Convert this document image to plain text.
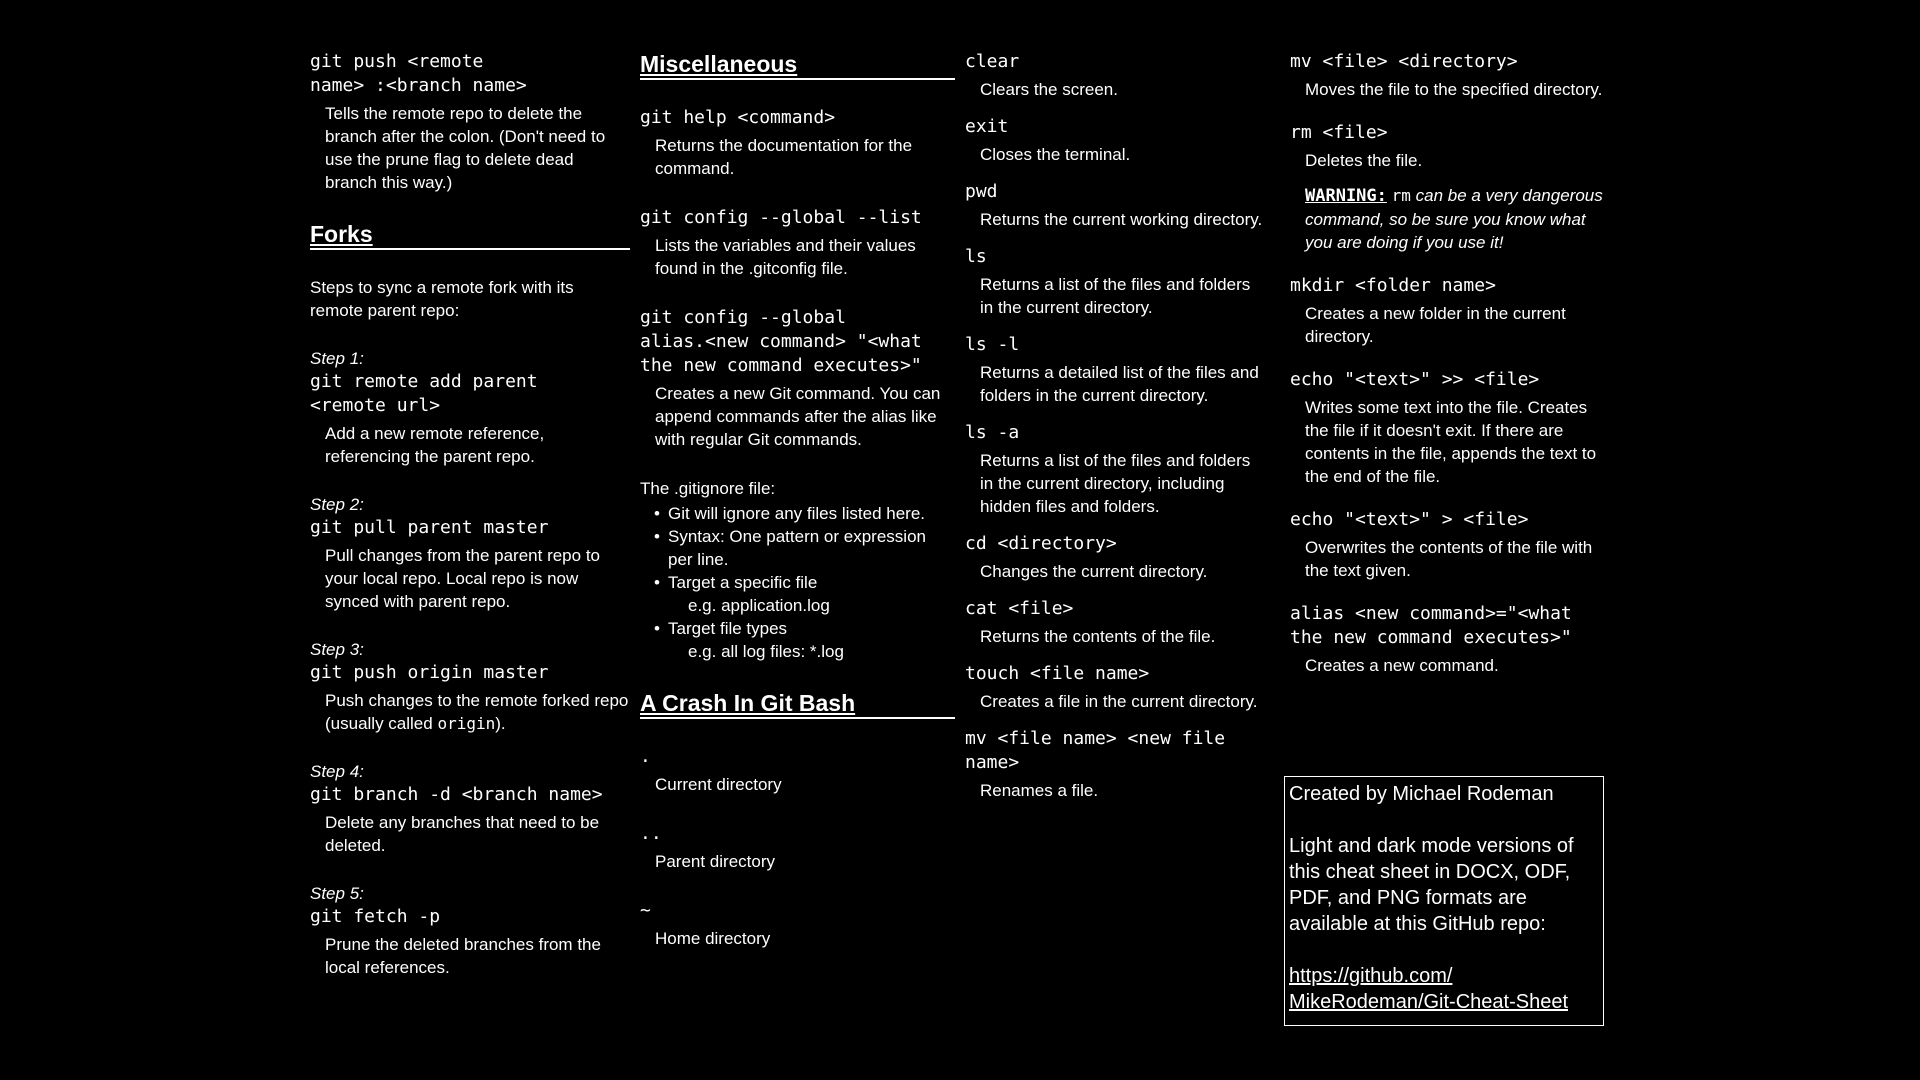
git push <remote
name> :<branch name>
Tells the remote repo to delete the branch after the colon. (Don't need to use the prune flag to delete dead branch this way.)
Forks
Steps to sync a remote fork with its remote parent repo:
Step 1:
git remote add parent
<remote url>
Add a new remote reference, referencing the parent repo.
Step 2:
git pull parent master
Pull changes from the parent repo to your local repo. Local repo is now synced with parent repo.
Step 3:
git push origin master
Push changes to the remote forked repo (usually called origin).
Step 4:
git branch -d <branch name>
Delete any branches that need to be deleted.
Step 5:
git fetch -p
Prune the deleted branches from the local references.
Miscellaneous
git help <command>
Returns the documentation for the command.
git config --global --list
Lists the variables and their values found in the .gitconfig file.
git config --global
alias.<new command> "<what
the new command executes>"
Creates a new Git command. You can append commands after the alias like with regular Git commands.
The .gitignore file:
• Git will ignore any files listed here.
• Syntax: One pattern or expression per line.
• Target a specific file
e.g. application.log
• Target file types
e.g. all log files: *.log
A Crash In Git Bash
.
Current directory
..
Parent directory
~
Home directory
clear
Clears the screen.
exit
Closes the terminal.
pwd
Returns the current working directory.
ls
Returns a list of the files and folders in the current directory.
ls -l
Returns a detailed list of the files and folders in the current directory.
ls -a
Returns a list of the files and folders in the current directory, including hidden files and folders.
cd <directory>
Changes the current directory.
cat <file>
Returns the contents of the file.
touch <file name>
Creates a file in the current directory.
mv <file name> <new file
name>
Renames a file.
mv <file> <directory>
Moves the file to the specified directory.
rm <file>
Deletes the file.
WARNING: rm can be a very dangerous command, so be sure you know what you are doing if you use it!
mkdir <folder name>
Creates a new folder in the current directory.
echo "<text>" >> <file>
Writes some text into the file. Creates the file if it doesn't exit. If there are contents in the file, appends the text to the end of the file.
echo "<text>" > <file>
Overwrites the contents of the file with the text given.
alias <new command>="<what
the new command executes>"
Creates a new command.
Created by Michael Rodeman
Light and dark mode versions of this cheat sheet in DOCX, ODF, PDF, and PNG formats are available at this GitHub repo:
https://github.com/
MikeRodeman/Git-Cheat-Sheet
